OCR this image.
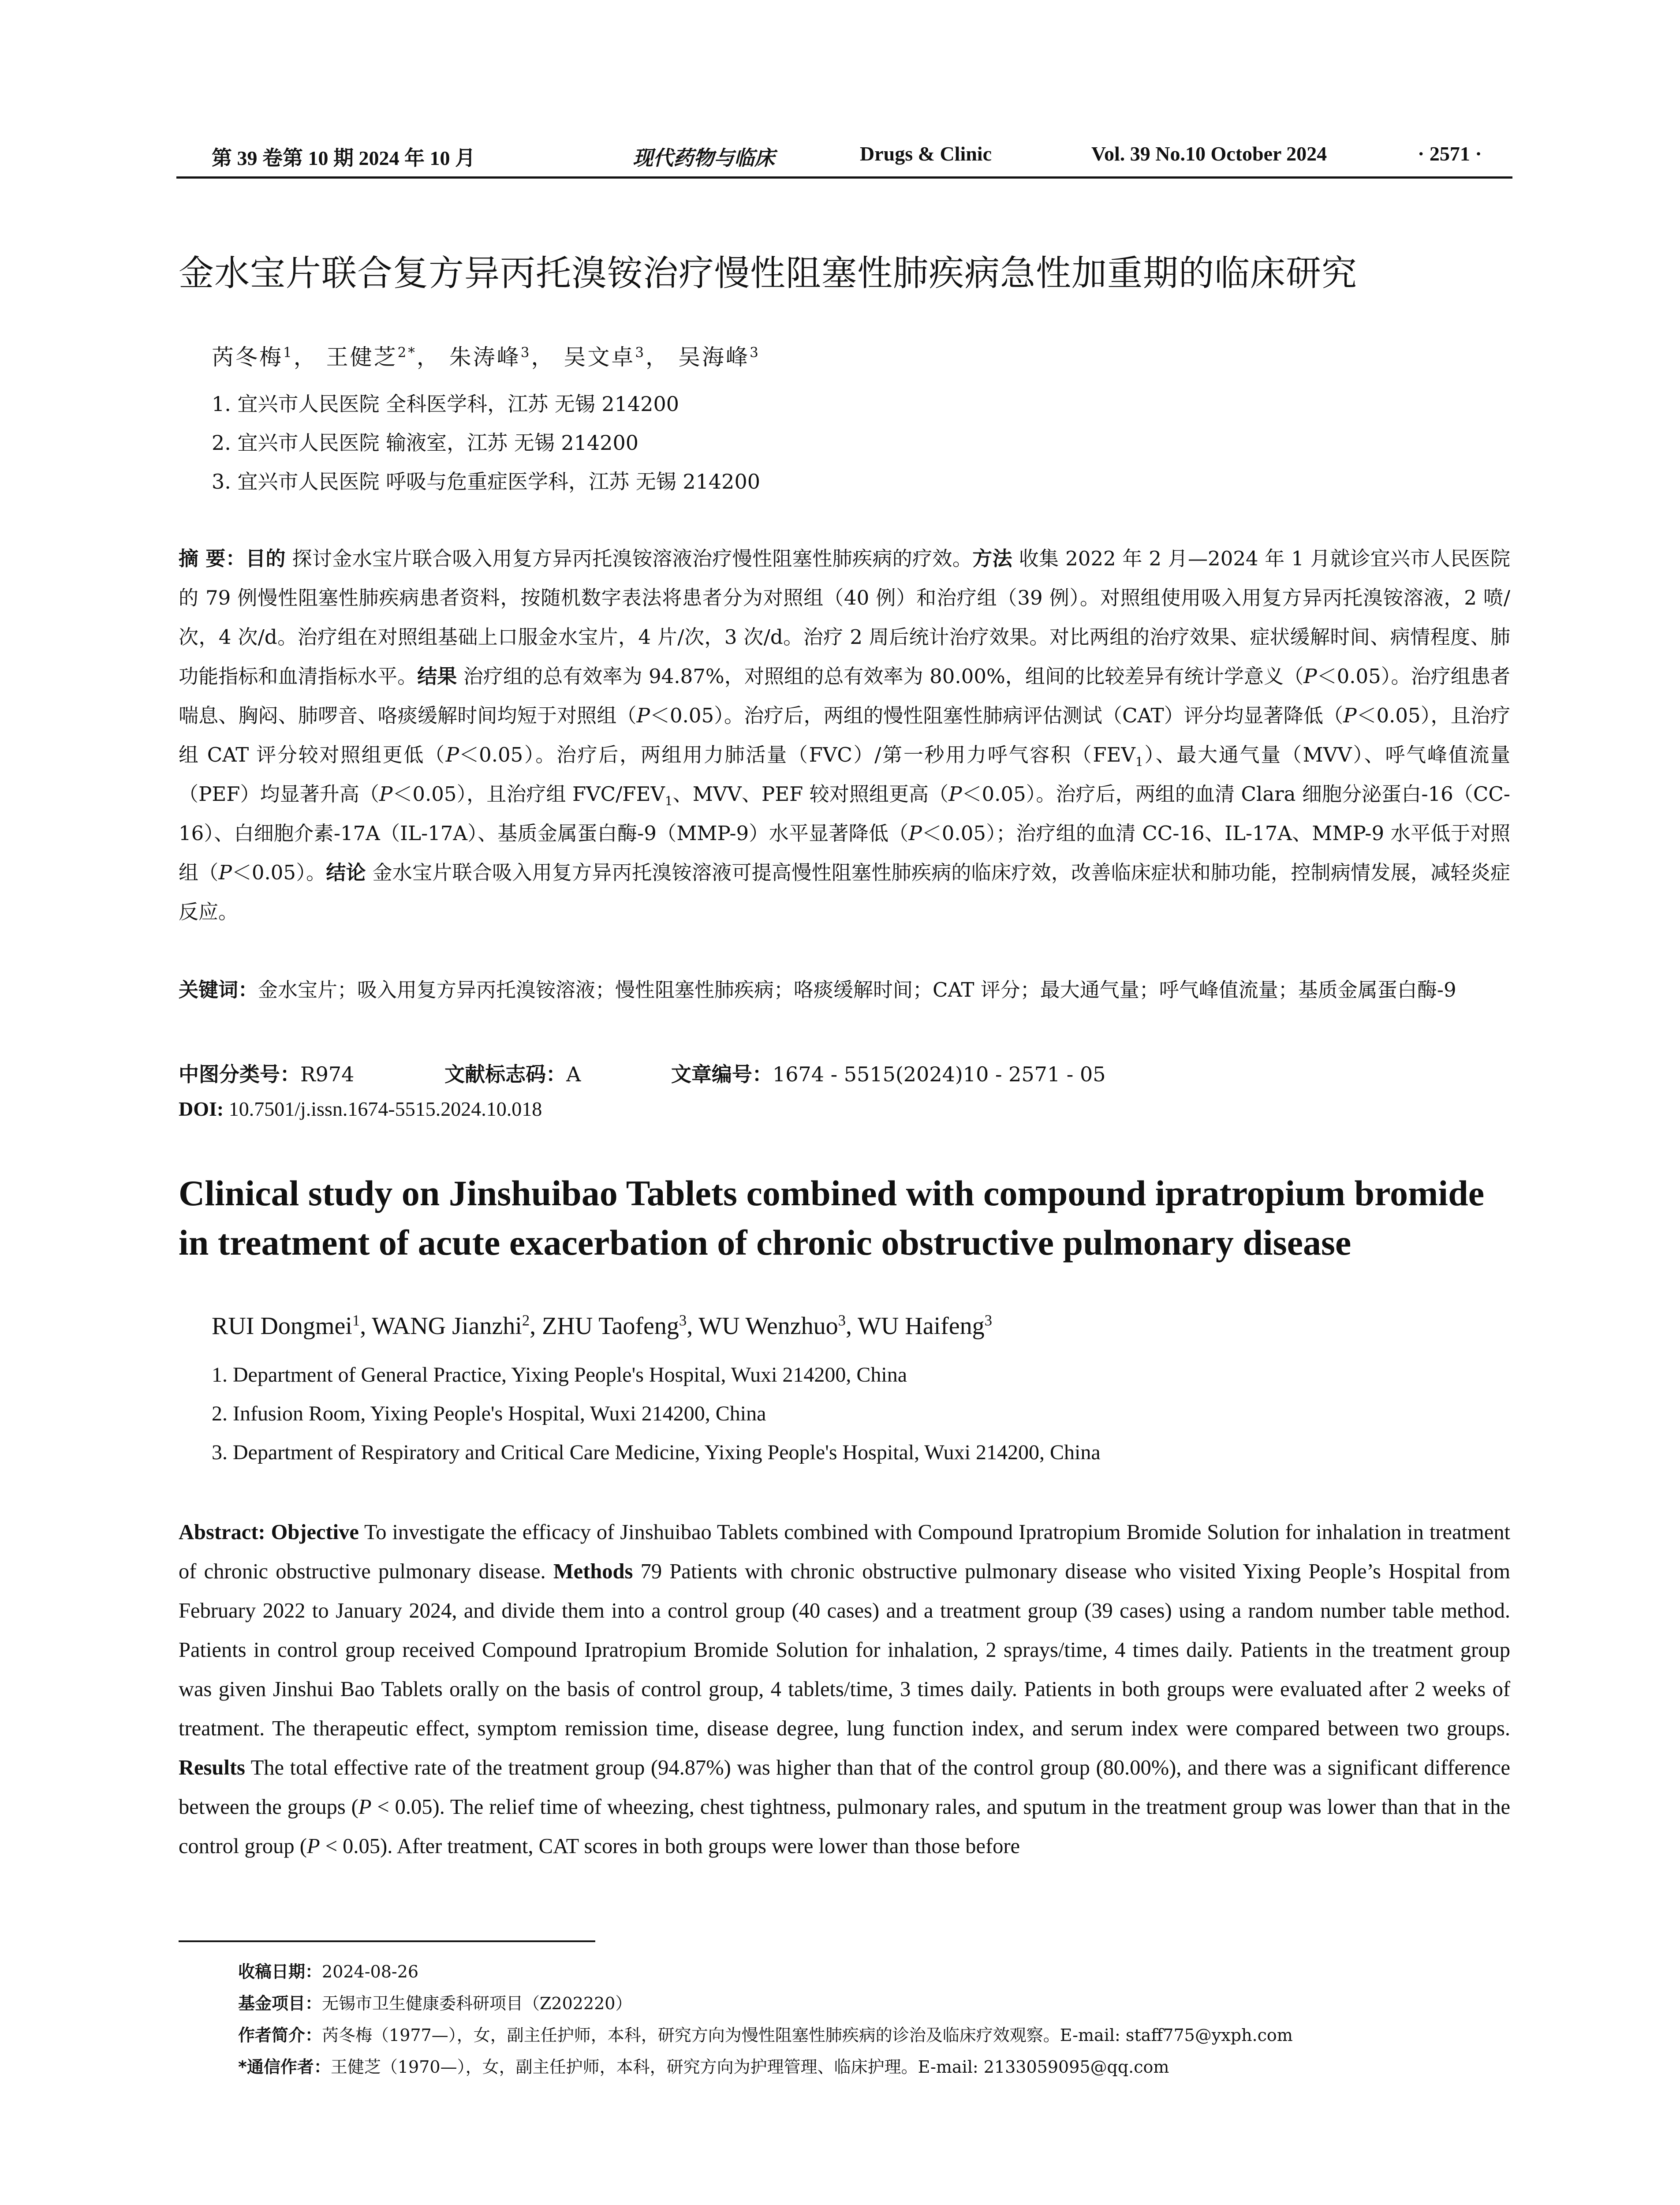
第 39 卷第 10 期 2024 年 10 月	现代药物与临床	Drugs & Clinic	Vol. 39 No.10 October 2024	· 2571 ·
金水宝片联合复方异丙托溴铵治疗慢性阻塞性肺疾病急性加重期的临床研究
芮冬梅$^1$， 王健芝$^{2*}$， 朱涛峰$^3$， 吴文卓$^3$， 吴海峰$^3$
1. 宜兴市人民医院 全科医学科，江苏 无锡 214200
2. 宜兴市人民医院 输液室，江苏 无锡 214200
3. 宜兴市人民医院 呼吸与危重症医学科，江苏 无锡 214200

摘 要：目的 探讨金水宝片联合吸入用复方异丙托溴铵溶液治疗慢性阻塞性肺疾病的疗效。方法 收集 2022 年 2 月—2024 年 1 月就诊宜兴市人民医院的 79 例慢性阻塞性肺疾病患者资料，按随机数字表法将患者分为对照组（40 例）和治疗组（39 例）。对照组使用吸入用复方异丙托溴铵溶液，2 喷/次，4 次/d。治疗组在对照组基础上口服金水宝片，4 片/次，3 次/d。治疗 2 周后统计治疗效果。对比两组的治疗效果、症状缓解时间、病情程度、肺功能指标和血清指标水平。结果 治疗组的总有效率为 94.87%，对照组的总有效率为 80.00%，组间的比较差异有统计学意义（P＜0.05）。治疗组患者喘息、胸闷、肺啰音、咯痰缓解时间均短于对照组（P＜0.05）。治疗后，两组的慢性阻塞性肺病评估测试（CAT）评分均显著降低（P＜0.05），且治疗组 CAT 评分较对照组更低（P＜0.05）。治疗后，两组用力肺活量（FVC）/第一秒用力呼气容积$(FEV_1)$、最大通气量（MVV）、呼气峰值流量（PEF）均显著升高（P＜0.05），且治疗组 FVC/$FEV_1$、MVV、PEF 较对照组更高（P＜0.05）。治疗后，两组的血清 Clara 细胞分泌蛋白-16（CC-16）、白细胞介素-17A（IL-17A）、基质金属蛋白酶-9（MMP-9）水平显著降低（P＜0.05）；治疗组的血清 CC-16、IL-17A、MMP-9 水平低于对照组（P＜0.05）。结论 金水宝片联合吸入用复方异丙托溴铵溶液可提高慢性阻塞性肺疾病的临床疗效，改善临床症状和肺功能，控制病情发展，减轻炎症反应。

关键词：金水宝片；吸入用复方异丙托溴铵溶液；慢性阻塞性肺疾病；咯痰缓解时间；CAT 评分；最大通气量；呼气峰值流量；基质金属蛋白酶-9

中图分类号：R974	文献标志码：A	文章编号：1674 - 5515(2024)10 - 2571 - 05
DOI: 10.7501/j.issn.1674-5515.2024.10.018
Clinical study on Jinshuibao Tablets combined with compound ipratropium bromide in treatment of acute exacerbation of chronic obstructive pulmonary disease
RUI Dongmei$^1$, WANG Jianzhi$^2$, ZHU Taofeng$^3$, WU Wenzhuo$^3$, WU Haifeng$^3$
1. Department of General Practice, Yixing People's Hospital, Wuxi 214200, China
2. Infusion Room, Yixing People's Hospital, Wuxi 214200, China
3. Department of Respiratory and Critical Care Medicine, Yixing People's Hospital, Wuxi 214200, China

Abstract: Objective To investigate the efficacy of Jinshuibao Tablets combined with Compound Ipratropium Bromide Solution for inhalation in treatment of chronic obstructive pulmonary disease. Methods 79 Patients with chronic obstructive pulmonary disease who visited Yixing People’s Hospital from February 2022 to January 2024, and divide them into a control group (40 cases) and a treatment group (39 cases) using a random number table method. Patients in control group received Compound Ipratropium Bromide Solution for inhalation, 2 sprays/time, 4 times daily. Patients in the treatment group was given Jinshui Bao Tablets orally on the basis of control group, 4 tablets/time, 3 times daily. Patients in both groups were evaluated after 2 weeks of treatment. The therapeutic effect, symptom remission time, disease degree, lung function index, and serum index were compared between two groups. Results The total effective rate of the treatment group (94.87%) was higher than that of the control group (80.00%), and there was a significant difference between the groups (P < 0.05). The relief time of wheezing, chest tightness, pulmonary rales, and sputum in the treatment group was lower than that in the control group (P < 0.05). After treatment, CAT scores in both groups were lower than those before

收稿日期：2024-08-26
基金项目：无锡市卫生健康委科研项目（Z202220）
作者简介：芮冬梅（1977—），女，副主任护师，本科，研究方向为慢性阻塞性肺疾病的诊治及临床疗效观察。E-mail: staff775@yxph.com
*通信作者：王健芝（1970—），女，副主任护师，本科，研究方向为护理管理、临床护理。E-mail: 2133059095@qq.com
